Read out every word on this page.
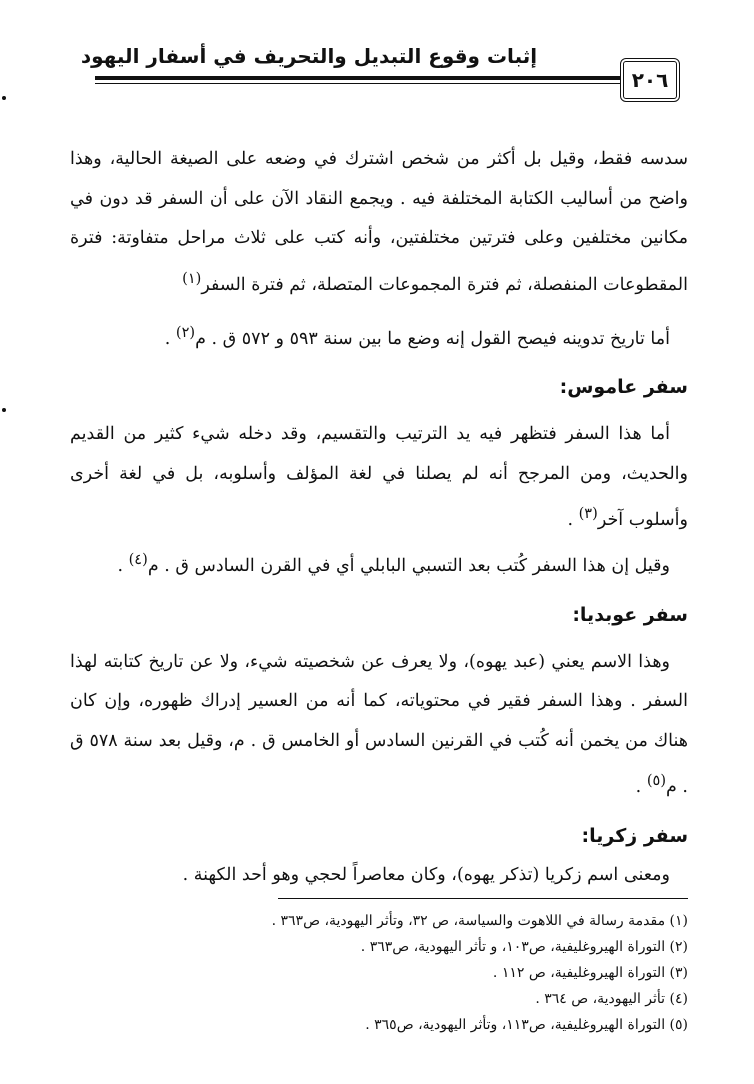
إثبات وقوع التبديل والتحريف في أسفار اليهود
٢٠٦

سدسه فقط، وقيل بل أكثر من شخص اشترك في وضعه على الصيغة الحالية، وهذا واضح من أساليب الكتابة المختلفة فيه . ويجمع النقاد الآن على أن السفر قد دون في مكانين مختلفين وعلى فترتين مختلفتين، وأنه كتب على ثلاث مراحل متفاوتة: فترة المقطوعات المنفصلة، ثم فترة المجموعات المتصلة، ثم فترة السفر$^{(١)}$

أما تاريخ تدوينه فيصح القول إنه وضع ما بين سنة ٥٩٣ و ٥٧٢ ق . م$^{(٢)}$ .

سفر عاموس:

أما هذا السفر فتظهر فيه يد الترتيب والتقسيم، وقد دخله شيء كثير من القديم والحديث، ومن المرجح أنه لم يصلنا في لغة المؤلف وأسلوبه، بل في لغة أخرى وأسلوب آخر$^{(٣)}$ .

وقيل إن هذا السفر كُتب بعد التسبي البابلي أي في القرن السادس ق . م$^{(٤)}$ .

سفر عوبديا:

وهذا الاسم يعني (عبد يهوه)، ولا يعرف عن شخصيته شيء، ولا عن تاريخ كتابته لهذا السفر . وهذا السفر فقير في محتوياته، كما أنه من العسير إدراك ظهوره، وإن كان هناك من يخمن أنه كُتب في القرنين السادس أو الخامس ق . م، وقيل بعد سنة ٥٧٨ ق . م$^{(٥)}$ .

سفر زكريا:

ومعنى اسم زكريا (تذكر يهوه)، وكان معاصراً لحجي وهو أحد الكهنة .

(١) مقدمة رسالة في اللاهوت والسياسة، ص ٣٢، وتأثر اليهودية، ص٣٦٣ .

(٢) التوراة الهيروغليفية، ص١٠٣، و تأثر اليهودية، ص٣٦٣ .

(٣) التوراة الهيروغليفية، ص ١١٢ .

(٤) تأثر اليهودية، ص ٣٦٤ .

(٥) التوراة الهيروغليفية، ص١١٣، وتأثر اليهودية، ص٣٦٥ .
